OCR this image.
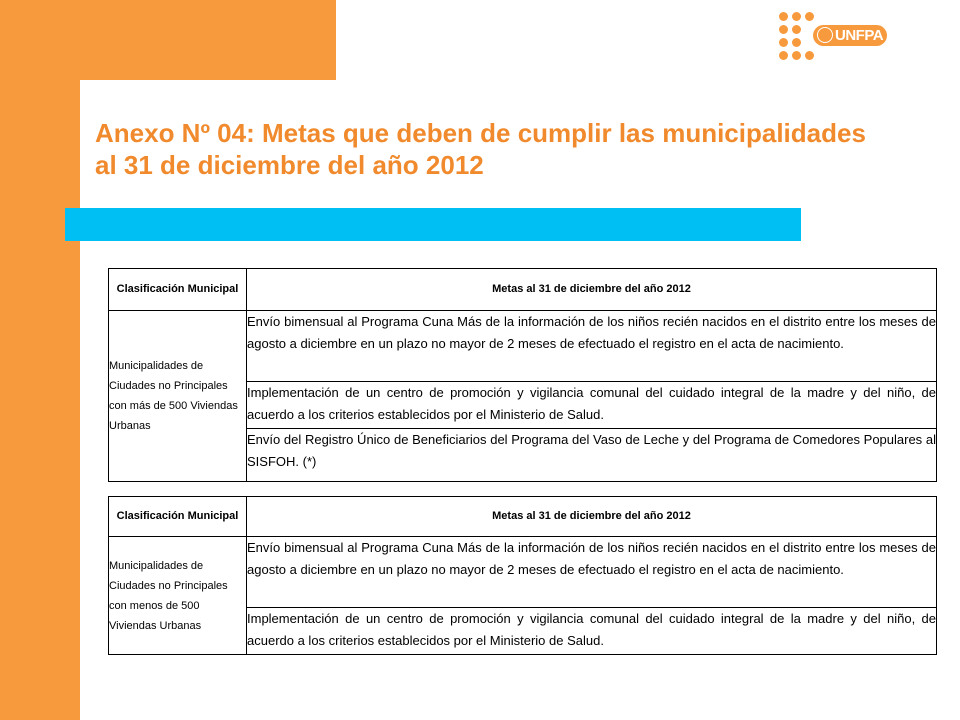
UNFPA
Anexo Nº 04: Metas que deben de cumplir las municipalidades al 31 de diciembre del año 2012
Clasificación Municipal	Metas al 31 de diciembre del año 2012
Municipalidades de Ciudades no Principales con más de 500 Viviendas Urbanas	Envío bimensual al Programa Cuna Más de la información de los niños recién nacidos en el distrito entre los meses de agosto a diciembre en un plazo no mayor de 2 meses de efectuado el registro en el acta de nacimiento.
	Implementación de un centro de promoción y vigilancia comunal del cuidado integral de la madre y del niño, de acuerdo a los criterios establecidos por el Ministerio de Salud.
	Envío del Registro Único de Beneficiarios del Programa del Vaso de Leche y del Programa de Comedores Populares al SISFOH. (*)
Clasificación Municipal	Metas al 31 de diciembre del año 2012
Municipalidades de Ciudades no Principales con menos de 500 Viviendas Urbanas	Envío bimensual al Programa Cuna Más de la información de los niños recién nacidos en el distrito entre los meses de agosto a diciembre en un plazo no mayor de 2 meses de efectuado el registro en el acta de nacimiento.
	Implementación de un centro de promoción y vigilancia comunal del cuidado integral de la madre y del niño, de acuerdo a los criterios establecidos por el Ministerio de Salud.
